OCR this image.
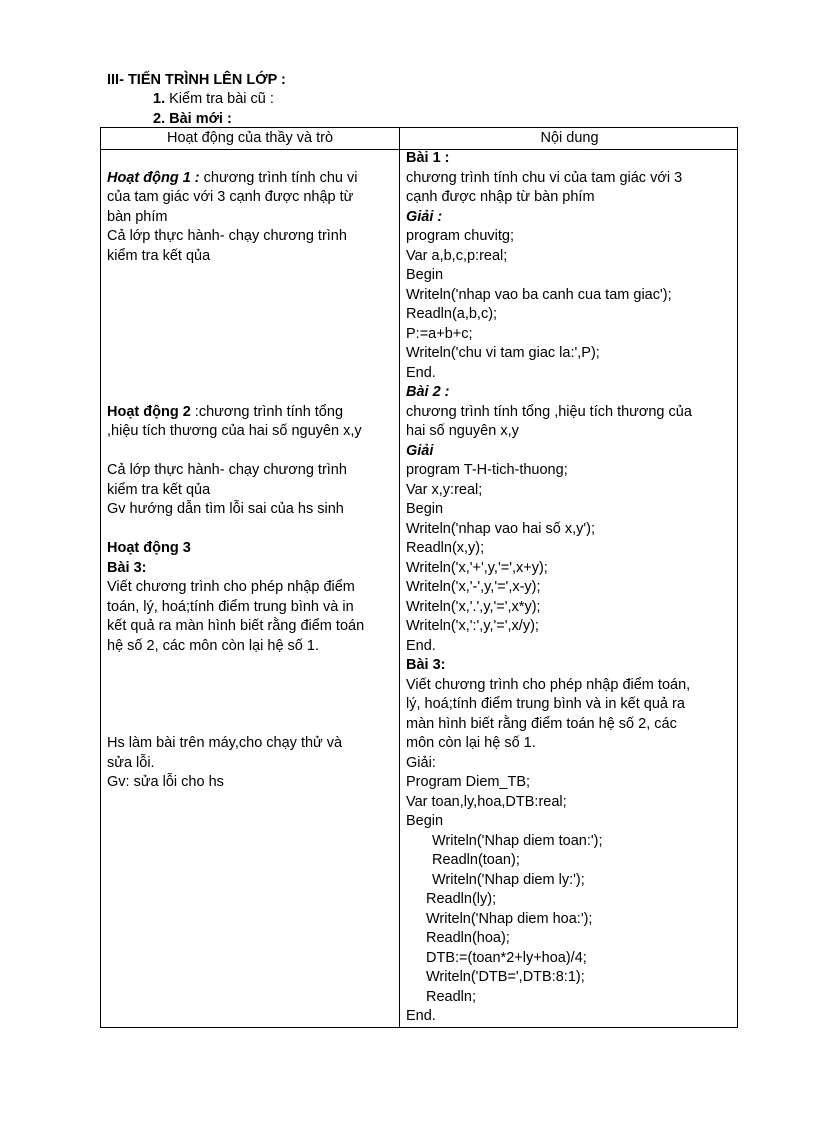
III- TIẾN TRÌNH LÊN LỚP :
1. Kiểm tra bài cũ :
2. Bài mới :
Hoạt động của thầy và trò	Nội dung
Hoạt động 1 : chương trình tính chu vi
của tam giác với 3 cạnh được nhập từ
bàn phím
Cả lớp thực hành- chạy chương trình
kiểm tra kết qủa
Hoạt động 2 :chương trình tính tổng
,hiệu tích thương của hai số nguyên x,y
Cả lớp thực hành- chạy chương trình
kiểm tra kết qủa
Gv hướng dẫn tìm lỗi sai của hs sinh
Hoạt động 3
Bài 3:
Viết chương trình cho phép nhập điểm
toán, lý, hoá;tính điểm trung bình và in
kết quả ra màn hình biết rằng điểm toán
hệ số 2, các môn còn lại hệ số 1.
Hs làm bài trên máy,cho chạy thử và
sửa lỗi.
Gv: sửa lỗi cho hs
Bài 1 :
chương trình tính chu vi của tam giác với 3
cạnh được nhập từ bàn phím
Giải :
program chuvitg;
Var a,b,c,p:real;
Begin
Writeln('nhap vao ba canh cua tam giac');
Readln(a,b,c);
P:=a+b+c;
Writeln('chu vi tam giac la:',P);
End.
Bài 2 :
chương trình tính tổng ,hiệu tích thương của
hai số nguyên x,y
Giải
program T-H-tich-thuong;
Var x,y:real;
Begin
Writeln('nhap vao hai số x,y');
Readln(x,y);
Writeln('x,'+',y,'=',x+y);
Writeln('x,'-',y,'=',x-y);
Writeln('x,'.',y,'=',x*y);
Writeln('x,':',y,'=',x/y);
End.
Bài 3:
Viết chương trình cho phép nhập điểm toán,
lý, hoá;tính điểm trung bình và in kết quả ra
màn hình biết rằng điểm toán hệ số 2, các
môn còn lại hệ số 1.
Giải:
Program Diem_TB;
Var toan,ly,hoa,DTB:real;
Begin
Writeln('Nhap diem toan:');
Readln(toan);
Writeln('Nhap diem ly:');
Readln(ly);
Writeln('Nhap diem hoa:');
Readln(hoa);
DTB:=(toan*2+ly+hoa)/4;
Writeln('DTB=',DTB:8:1);
Readln;
End.
